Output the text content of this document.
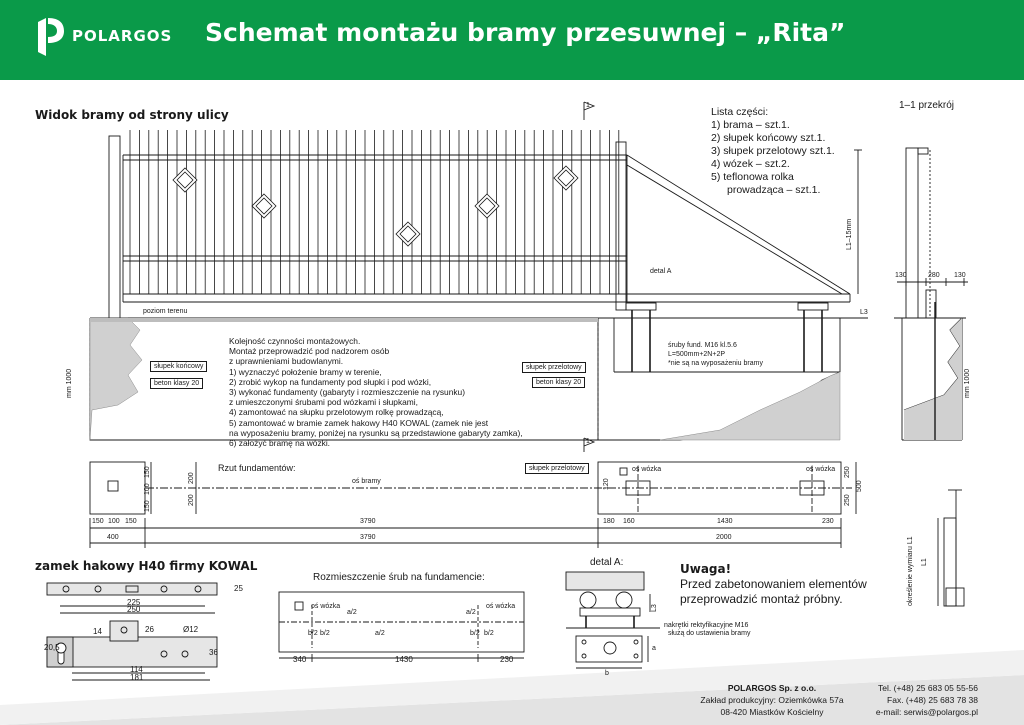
POLARGOS Schemat montażu bramy przesuwnej – „Rita”
Widok bramy od strony ulicy
1–1 przekrój
zamek hakowy H40 firmy KOWAL
Rozmieszczenie śrub na fundamencie:
detal A:
Rzut fundamentów:
Lista części:
1) brama – szt.1.
2) słupek końcowy szt.1.
3) słupek przelotowy szt.1.
4) wózek – szt.2.
5) teflonowa rolka
prowadząca – szt.1.
Kolejność czynności montażowych.
Montaż przeprowadzić pod nadzorem osób
z uprawnieniami budowlanymi.
1) wyznaczyć położenie bramy w terenie,
2) zrobić wykop na fundamenty pod słupki i pod wózki,
3) wykonać fundamenty (gabaryty i rozmieszczenie na rysunku)
z umieszczonymi śrubami pod wózkami i słupkami,
4) zamontować na słupku przelotowym rolkę prowadzącą,
5) zamontować w bramie zamek hakowy H40 KOWAL (zamek nie jest
na wyposażeniu bramy, poniżej na rysunku są przedstawione gabaryty zamka),
6) założyć bramę na wózki.
poziom terenu
słupek końcowy
beton klasy 20
słupek przelotowy
beton klasy 20
detal A
śruby fund. M16 kl.5.6
L=500mm+2N+2P
*nie są na wyposażeniu bramy
L1–15mm
L3
mm 1000	mm 1000
1
1
130	280 130
słupek przelotowy
oś bramy
oś wózka	oś wózka
150 100 150
150
100
150
200
200
3790
400	3790
180 160	1430	230
2000
120
250
250
500
określenie wymiaru L1 L1
225
250
25
14	26	Ø12
20,5
36
114
181
oś wózka	oś wózka
a/2	a/2
a/2
b/2 b/2	b/2 b/2
340	1430	230
L3
nakrętki rektyfikacyjne M16
służą do ustawienia bramy
a
b
Uwaga!
Przed zabetonowaniem elementów przeprowadzić montaż próbny.
POLARGOS Sp. z o.o.
Zakład produkcyjny: Oziemkówka 57a
08-420 Miastków Kościelny
Tel. (+48) 25 683 05 55-56
Fax. (+48) 25 683 78 38
e-mail: serwis@polargos.pl
